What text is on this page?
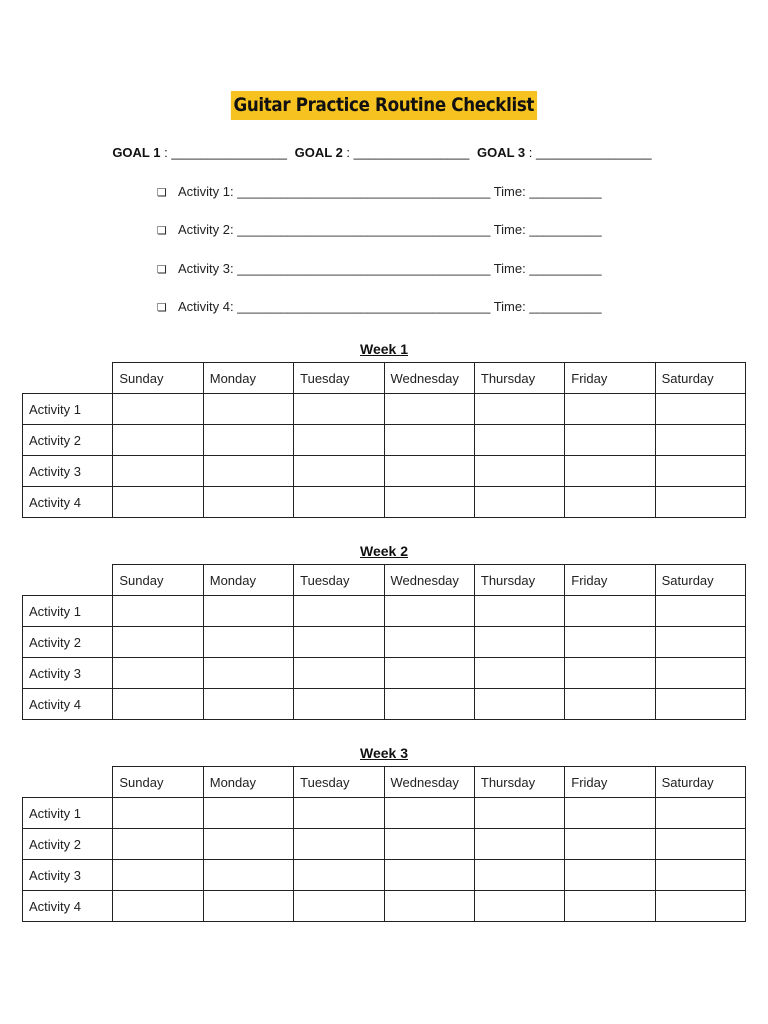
Guitar Practice Routine Checklist
GOAL 1 : ________________ GOAL 2 : ________________ GOAL 3 : ________________
❏ Activity 1: ___________________________________ Time: __________
❏ Activity 2: ___________________________________ Time: __________
❏ Activity 3: ___________________________________ Time: __________
❏ Activity 4: ___________________________________ Time: __________
Week 1
	Sunday	Monday	Tuesday	Wednesday	Thursday	Friday	Saturday
Activity 1							
Activity 2							
Activity 3							
Activity 4							
Week 2
	Sunday	Monday	Tuesday	Wednesday	Thursday	Friday	Saturday
Activity 1							
Activity 2							
Activity 3							
Activity 4							
Week 3
	Sunday	Monday	Tuesday	Wednesday	Thursday	Friday	Saturday
Activity 1							
Activity 2							
Activity 3							
Activity 4							
